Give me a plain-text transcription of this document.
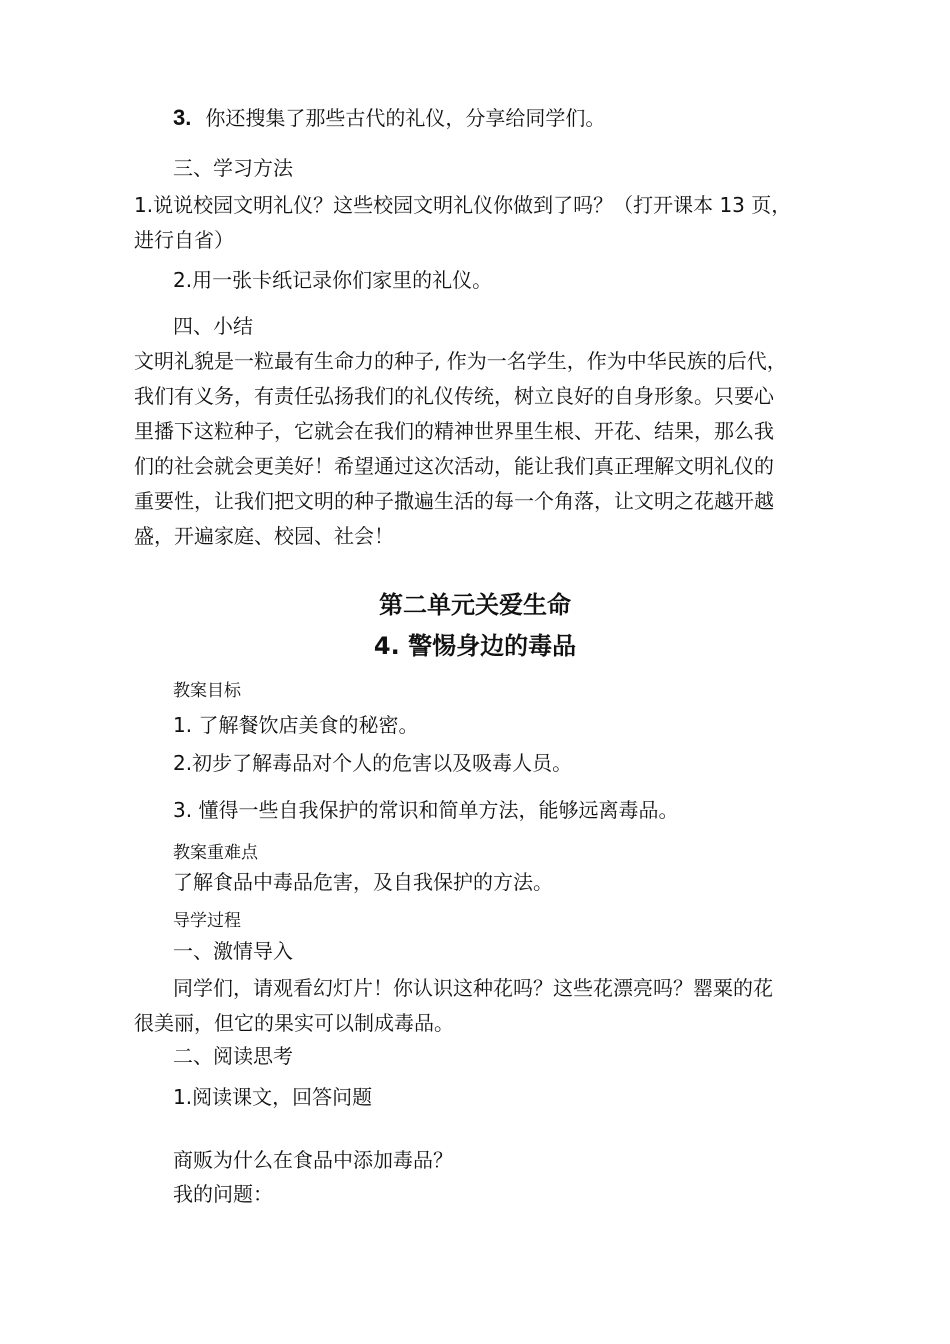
3. 你还搜集了那些古代的礼仪，分享给同学们。
三、学习方法
1.说说校园文明礼仪？这些校园文明礼仪你做到了吗？（打开课本 13 页，
进行自省）
2.用一张卡纸记录你们家里的礼仪。
四、小结
文明礼貌是一粒最有生命力的种子, 作为一名学生，作为中华民族的后代，
我们有义务，有责任弘扬我们的礼仪传统，树立良好的自身形象。只要心
里播下这粒种子，它就会在我们的精神世界里生根、开花、结果，那么我
们的社会就会更美好！希望通过这次活动，能让我们真正理解文明礼仪的
重要性，让我们把文明的种子撒遍生活的每一个角落，让文明之花越开越
盛，开遍家庭、校园、社会！
第二单元关爱生命
4. 警惕身边的毒品
教案目标
1. 了解餐饮店美食的秘密。
2.初步了解毒品对个人的危害以及吸毒人员。
3. 懂得一些自我保护的常识和简单方法，能够远离毒品。
教案重难点
了解食品中毒品危害，及自我保护的方法。
导学过程
一、激情导入
同学们，请观看幻灯片！你认识这种花吗？这些花漂亮吗？罂粟的花
很美丽，但它的果实可以制成毒品。
二、阅读思考
1.阅读课文，回答问题
商贩为什么在食品中添加毒品？
我的问题：
